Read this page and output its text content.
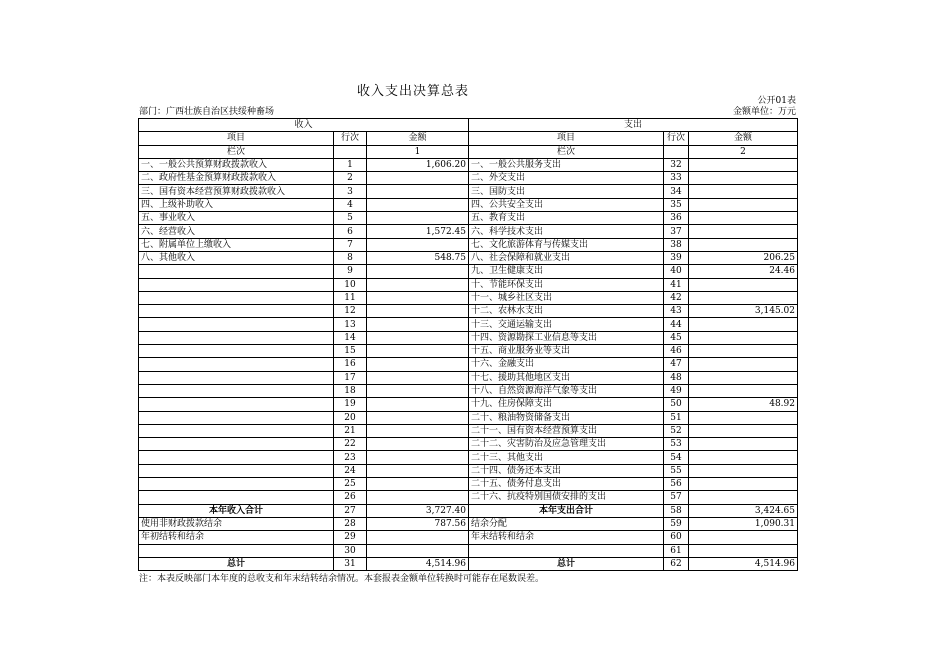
收入支出决算总表
公开01表
部门：广西壮族自治区扶绥种畜场	金额单位：万元
收入			支出		
项目	行次	金额	项目	行次	金额
栏次		1	栏次		2
一、一般公共预算财政拨款收入	1	1,606.20	一、一般公共服务支出	32	
二、政府性基金预算财政拨款收入	2		二、外交支出	33	
三、国有资本经营预算财政拨款收入	3		三、国防支出	34	
四、上级补助收入	4		四、公共安全支出	35	
五、事业收入	5		五、教育支出	36	
六、经营收入	6	1,572.45	六、科学技术支出	37	
七、附属单位上缴收入	7		七、文化旅游体育与传媒支出	38	
八、其他收入	8	548.75	八、社会保障和就业支出	39	206.25
	9		九、卫生健康支出	40	24.46
	10		十、节能环保支出	41	
	11		十一、城乡社区支出	42	
	12		十二、农林水支出	43	3,145.02
	13		十三、交通运输支出	44	
	14		十四、资源勘探工业信息等支出	45	
	15		十五、商业服务业等支出	46	
	16		十六、金融支出	47	
	17		十七、援助其他地区支出	48	
	18		十八、自然资源海洋气象等支出	49	
	19		十九、住房保障支出	50	48.92
	20		二十、粮油物资储备支出	51	
	21		二十一、国有资本经营预算支出	52	
	22		二十二、灾害防治及应急管理支出	53	
	23		二十三、其他支出	54	
	24		二十四、债务还本支出	55	
	25		二十五、债务付息支出	56	
	26		二十六、抗疫特别国债安排的支出	57	
本年收入合计	27	3,727.40	本年支出合计	58	3,424.65
使用非财政拨款结余	28	787.56	结余分配	59	1,090.31
年初结转和结余	29		年末结转和结余	60	
	30			61	
总计	31	4,514.96	总计	62	4,514.96
注：本表反映部门本年度的总收支和年末结转结余情况。本套报表金额单位转换时可能存在尾数误差。
